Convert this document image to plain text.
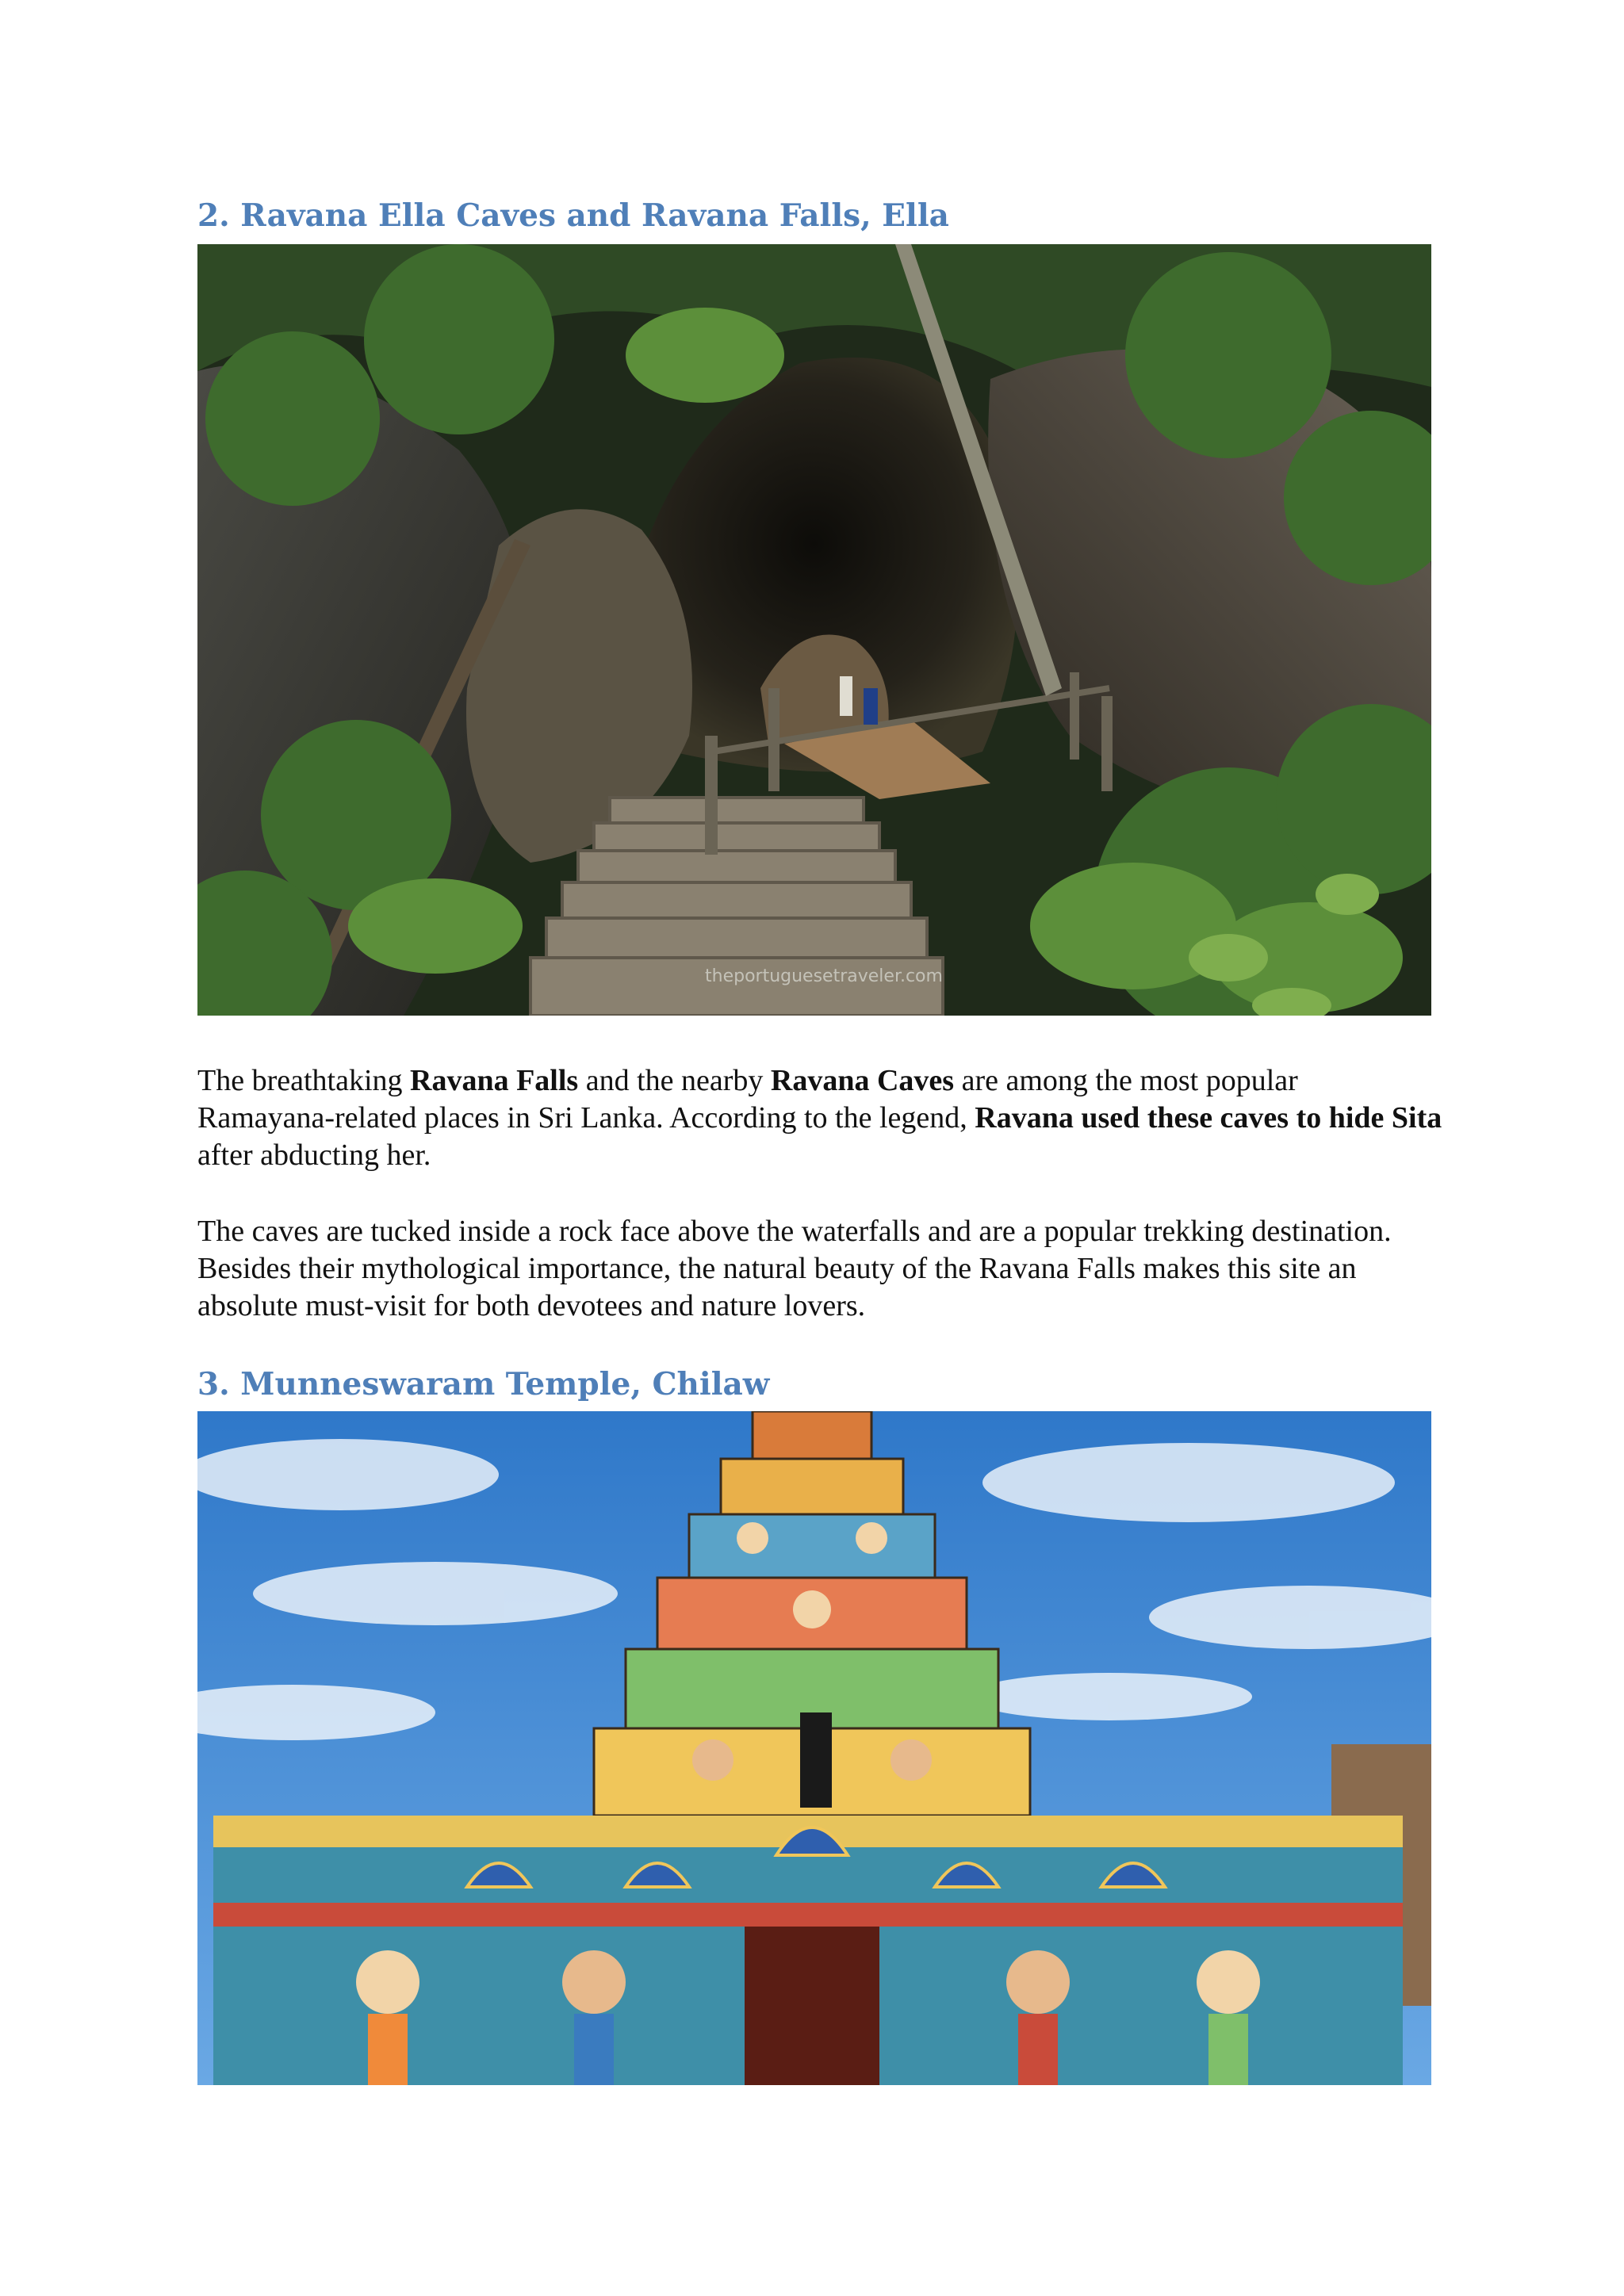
2. Ravana Ella Caves and Ravana Falls, Ella
theportuguesetraveler.com

The breathtaking Ravana Falls and the nearby Ravana Caves are among the most popular Ramayana-related places in Sri Lanka. According to the legend, Ravana used these caves to hide Sita after abducting her.

The caves are tucked inside a rock face above the waterfalls and are a popular trekking destination. Besides their mythological importance, the natural beauty of the Ravana Falls makes this site an absolute must-visit for both devotees and nature lovers.

3. Munneswaram Temple, Chilaw
